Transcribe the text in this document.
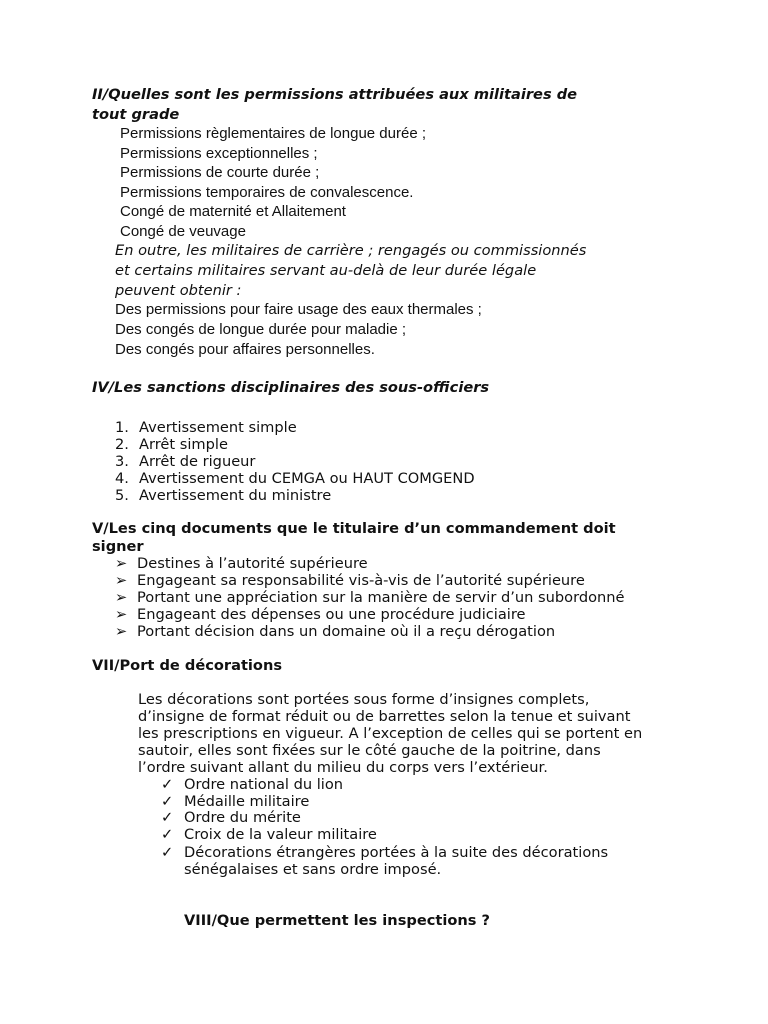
II/Quelles sont les permissions attribuées aux militaires de
tout grade
Permissions règlementaires de longue durée ;
Permissions exceptionnelles ;
Permissions de courte durée ;
Permissions temporaires de convalescence.
Congé de maternité et Allaitement
Congé de veuvage
En outre, les militaires de carrière ; rengagés ou commissionnés
et certains militaires servant au-delà de leur durée légale
peuvent obtenir :
Des permissions pour faire usage des eaux thermales ;
Des congés de longue durée pour maladie ;
Des congés pour affaires personnelles.
IV/Les sanctions disciplinaires des sous-officiers
1. Avertissement simple
2. Arrêt simple
3. Arrêt de rigueur
4. Avertissement du CEMGA ou HAUT COMGEND
5. Avertissement du ministre
V/Les cinq documents que le titulaire d’un commandement doit
signer
➢ Destines à l’autorité supérieure
➢ Engageant sa responsabilité vis-à-vis de l’autorité supérieure
➢ Portant une appréciation sur la manière de servir d’un subordonné
➢ Engageant des dépenses ou une procédure judiciaire
➢ Portant décision dans un domaine où il a reçu dérogation
VII/Port de décorations
Les décorations sont portées sous forme d’insignes complets,
d’insigne de format réduit ou de barrettes selon la tenue et suivant
les prescriptions en vigueur. A l’exception de celles qui se portent en
sautoir, elles sont fixées sur le côté gauche de la poitrine, dans
l’ordre suivant allant du milieu du corps vers l’extérieur.
✓ Ordre national du lion
✓ Médaille militaire
✓ Ordre du mérite
✓ Croix de la valeur militaire
✓ Décorations étrangères portées à la suite des décorations
sénégalaises et sans ordre imposé.
VIII/Que permettent les inspections ?
